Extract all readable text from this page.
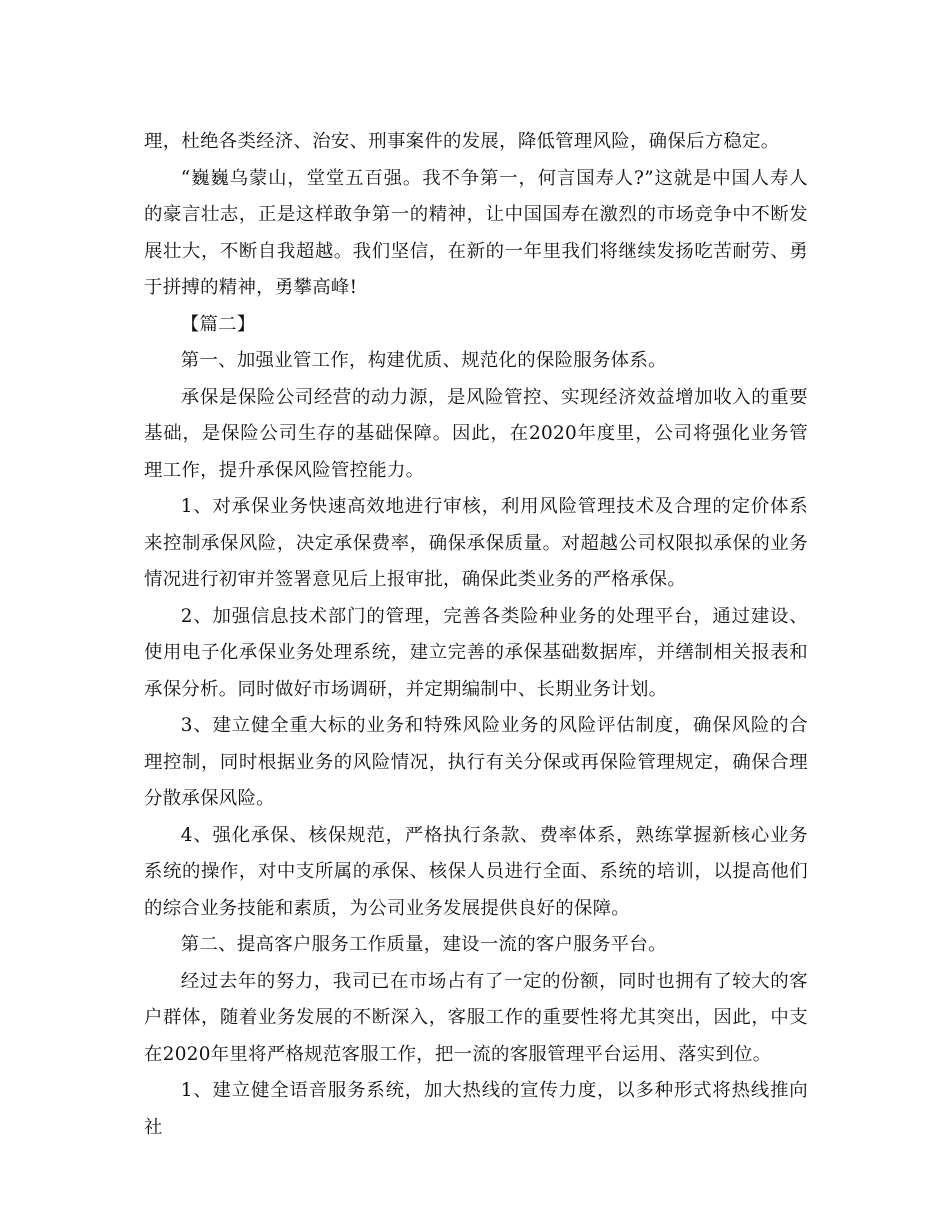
理，杜绝各类经济、治安、刑事案件的发展，降低管理风险，确保后方稳定。

“巍巍乌蒙山，堂堂五百强。我不争第一，何言国寿人?”这就是中国人寿人的豪言壮志，正是这样敢争第一的精神，让中国国寿在激烈的市场竞争中不断发展壮大，不断自我超越。我们坚信，在新的一年里我们将继续发扬吃苦耐劳、勇于拼搏的精神，勇攀高峰!

【篇二】

第一、加强业管工作，构建优质、规范化的保险服务体系。

承保是保险公司经营的动力源，是风险管控、实现经济效益增加收入的重要基础，是保险公司生存的基础保障。因此，在2020年度里，公司将强化业务管理工作，提升承保风险管控能力。

1、对承保业务快速高效地进行审核，利用风险管理技术及合理的定价体系来控制承保风险，决定承保费率，确保承保质量。对超越公司权限拟承保的业务情况进行初审并签署意见后上报审批，确保此类业务的严格承保。

2、加强信息技术部门的管理，完善各类险种业务的处理平台，通过建设、使用电子化承保业务处理系统，建立完善的承保基础数据库，并缮制相关报表和承保分析。同时做好市场调研，并定期编制中、长期业务计划。

3、建立健全重大标的业务和特殊风险业务的风险评估制度，确保风险的合理控制，同时根据业务的风险情况，执行有关分保或再保险管理规定，确保合理分散承保风险。

4、强化承保、核保规范，严格执行条款、费率体系，熟练掌握新核心业务系统的操作，对中支所属的承保、核保人员进行全面、系统的培训，以提高他们的综合业务技能和素质，为公司业务发展提供良好的保障。

第二、提高客户服务工作质量，建设一流的客户服务平台。

经过去年的努力，我司已在市场占有了一定的份额，同时也拥有了较大的客户群体，随着业务发展的不断深入，客服工作的重要性将尤其突出，因此，中支在2020年里将严格规范客服工作，把一流的客服管理平台运用、落实到位。

1、建立健全语音服务系统，加大热线的宣传力度，以多种形式将热线推向社
